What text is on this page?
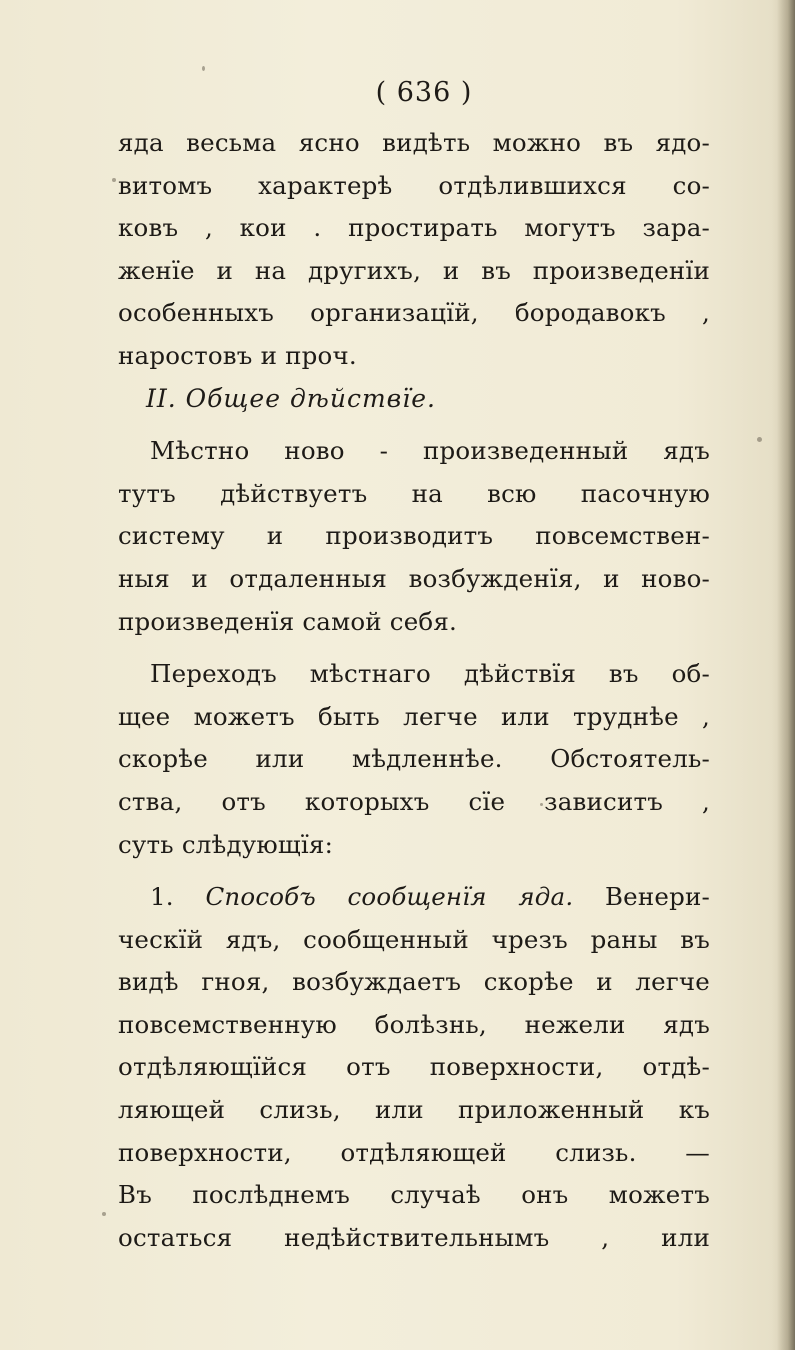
( 636 )
яда весьма ясно видѣть можно въ ядо-
витомъ характерѣ отдѣлившихся со-
ковъ , кои . простирать могутъ зара-
женїе и на другихъ, и въ произведенїи
особенныхъ организацїй, бородавокъ ,
наростовъ и проч.
II. Общее дѣйствїе.
Мѣстно ново - произведенный ядъ
тутъ дѣйствуетъ на всю пасочную
систему и производитъ повсемствен-
ныя и отдаленныя возбужденїя, и ново-
произведенїя самой себя.
Переходъ мѣстнаго дѣйствїя въ об-
щее можетъ быть легче или труднѣе ,
скорѣе или мѣдленнѣе. Обстоятель-
ства, отъ которыхъ сїе зависитъ ,
суть слѣдующїя:
1. Способъ сообщенїя яда. Венери-
ческїй ядъ, сообщенный чрезъ раны въ
видѣ гноя, возбуждаетъ скорѣе и легче
повсемственную болѣзнь, нежели ядъ
отдѣляющїйся отъ поверхности, отдѣ-
ляющей слизь, или приложенный къ
поверхности, отдѣляющей слизь. —
Въ послѣднемъ случаѣ онъ можетъ
остаться недѣйствительнымъ , или
